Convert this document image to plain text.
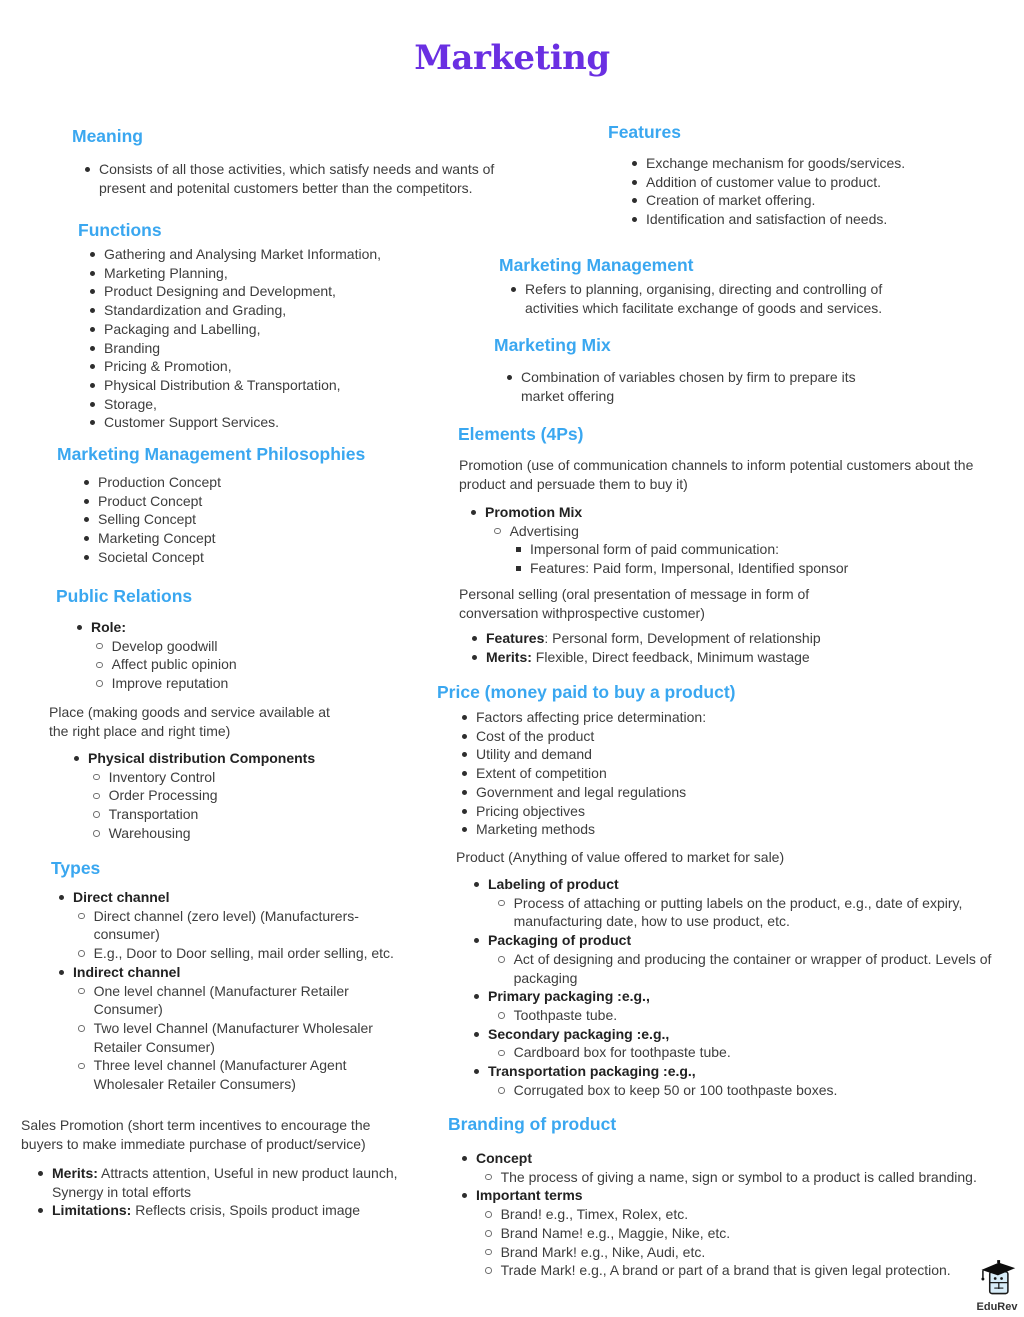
Marketing
Meaning
Consists of all those activities, which satisfy needs and wants of present and potenital customers better than the competitors.
Functions
Gathering and Analysing Market Information,
Marketing Planning,
Product Designing and Development,
Standardization and Grading,
Packaging and Labelling,
Branding
Pricing & Promotion,
Physical Distribution & Transportation,
Storage,
Customer Support Services.
Marketing Management Philosophies
Production Concept
Product Concept
Selling Concept
Marketing Concept
Societal Concept
Public Relations
Role:
Develop goodwill
Affect public opinion
Improve reputation
Place (making goods and service available at the right place and right time)
Physical distribution Components
Inventory Control
Order Processing
Transportation
Warehousing
Types
Direct channel
Direct channel (zero level) (Manufacturers-consumer)
E.g., Door to Door selling, mail order selling, etc.
Indirect channel
One level channel (Manufacturer Retailer Consumer)
Two level Channel (Manufacturer Wholesaler Retailer Consumer)
Three level channel (Manufacturer Agent Wholesaler Retailer Consumers)
Sales Promotion (short term incentives to encourage the buyers to make immediate purchase of product/service)
Merits: Attracts attention, Useful in new product launch, Synergy in total efforts
Limitations: Reflects crisis, Spoils product image
Features
Exchange mechanism for goods/services.
Addition of customer value to product.
Creation of market offering.
Identification and satisfaction of needs.
Marketing Management
Refers to planning, organising, directing and controlling of activities which facilitate exchange of goods and services.
Marketing Mix
Combination of variables chosen by firm to prepare its market offering
Elements (4Ps)
Promotion (use of communication channels to inform potential customers about the product and persuade them to buy it)
Promotion Mix
Advertising
Impersonal form of paid communication:
Features: Paid form, Impersonal, Identified sponsor
Personal selling (oral presentation of message in form of conversation withprospective customer)
Features: Personal form, Development of relationship
Merits: Flexible, Direct feedback, Minimum wastage
Price (money paid to buy a product)
Factors affecting price determination:
Cost of the product
Utility and demand
Extent of competition
Government and legal regulations
Pricing objectives
Marketing methods
Product (Anything of value offered to market for sale)
Labeling of product
Process of attaching or putting labels on the product, e.g., date of expiry, manufacturing date, how to use product, etc.
Packaging of product
Act of designing and producing the container or wrapper of product. Levels of packaging
Primary packaging :e.g.,
Toothpaste tube.
Secondary packaging :e.g.,
Cardboard box for toothpaste tube.
Transportation packaging :e.g.,
Corrugated box to keep 50 or 100 toothpaste boxes.
Branding of product
Concept
The process of giving a name, sign or symbol to a product is called branding.
Important terms
Brand! e.g., Timex, Rolex, etc.
Brand Name! e.g., Maggie, Nike, etc.
Brand Mark! e.g., Nike, Audi, etc.
Trade Mark! e.g., A brand or part of a brand that is given legal protection.
EduRev
